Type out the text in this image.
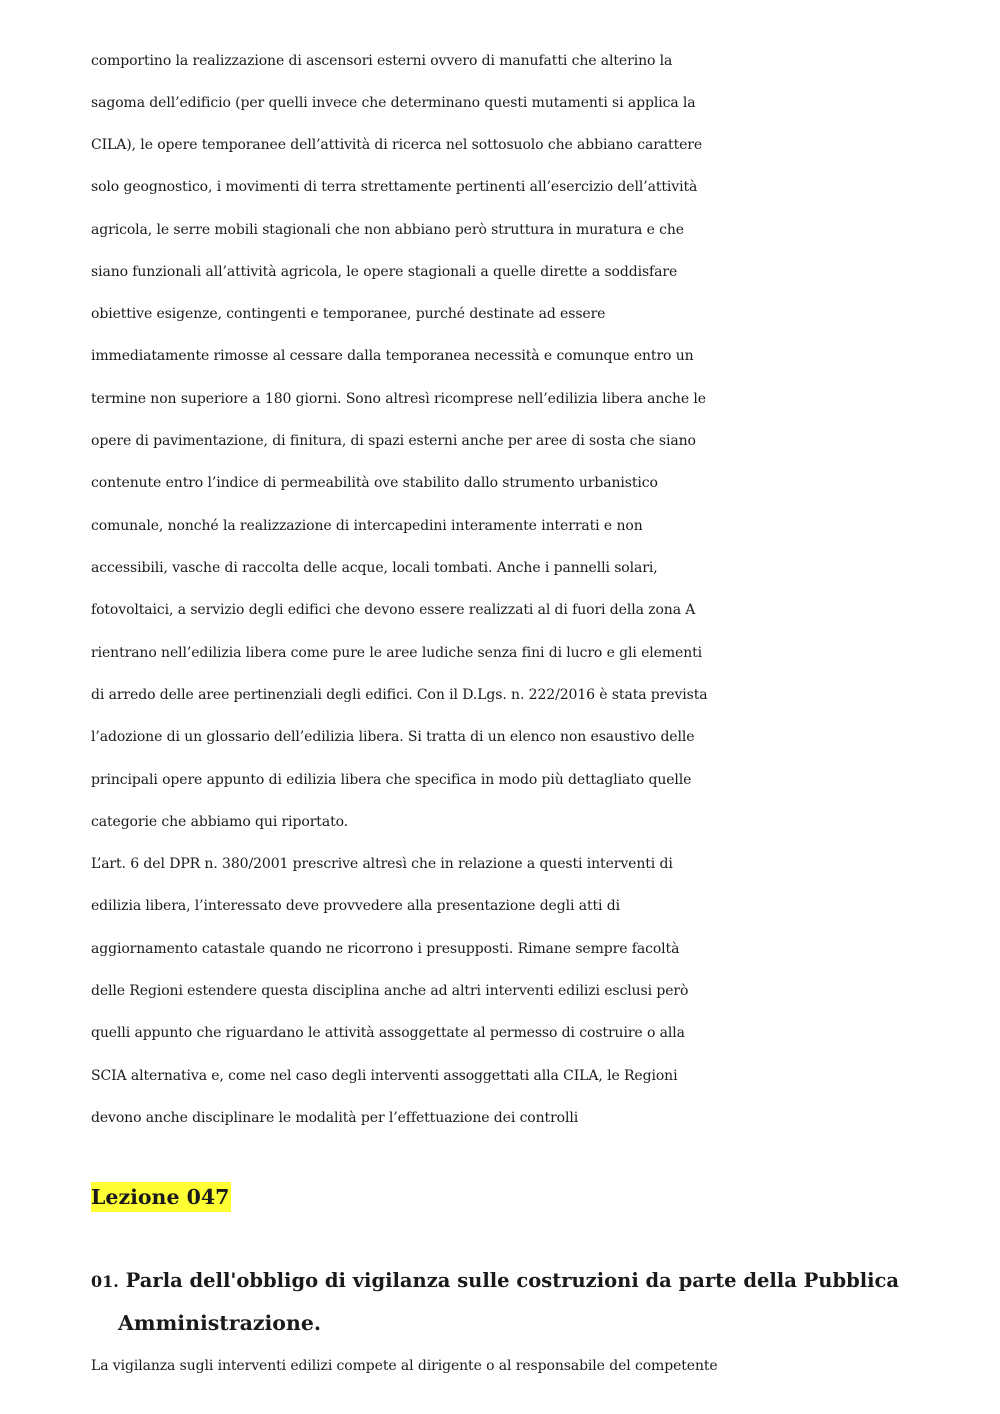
comportino la realizzazione di ascensori esterni ovvero di manufatti che alterino la
sagoma dell’edificio (per quelli invece che determinano questi mutamenti si applica la
CILA), le opere temporanee dell’attività di ricerca nel sottosuolo che abbiano carattere
solo geognostico, i movimenti di terra strettamente pertinenti all’esercizio dell’attività
agricola, le serre mobili stagionali che non abbiano però struttura in muratura e che
siano funzionali all’attività agricola, le opere stagionali a quelle dirette a soddisfare
obiettive esigenze, contingenti e temporanee, purché destinate ad essere
immediatamente rimosse al cessare dalla temporanea necessità e comunque entro un
termine non superiore a 180 giorni. Sono altresì ricomprese nell’edilizia libera anche le
opere di pavimentazione, di finitura, di spazi esterni anche per aree di sosta che siano
contenute entro l’indice di permeabilità ove stabilito dallo strumento urbanistico
comunale, nonché la realizzazione di intercapedini interamente interrati e non
accessibili, vasche di raccolta delle acque, locali tombati. Anche i pannelli solari,
fotovoltaici, a servizio degli edifici che devono essere realizzati al di fuori della zona A
rientrano nell’edilizia libera come pure le aree ludiche senza fini di lucro e gli elementi
di arredo delle aree pertinenziali degli edifici. Con il D.Lgs. n. 222/2016 è stata prevista
l’adozione di un glossario dell’edilizia libera. Si tratta di un elenco non esaustivo delle
principali opere appunto di edilizia libera che specifica in modo più dettagliato quelle
categorie che abbiamo qui riportato.
L’art. 6 del DPR n. 380/2001 prescrive altresì che in relazione a questi interventi di
edilizia libera, l’interessato deve provvedere alla presentazione degli atti di
aggiornamento catastale quando ne ricorrono i presupposti. Rimane sempre facoltà
delle Regioni estendere questa disciplina anche ad altri interventi edilizi esclusi però
quelli appunto che riguardano le attività assoggettate al permesso di costruire o alla
SCIA alternativa e, come nel caso degli interventi assoggettati alla CILA, le Regioni
devono anche disciplinare le modalità per l’effettuazione dei controlli
Lezione 047
01. Parla dell'obbligo di vigilanza sulle costruzioni da parte della Pubblica
Amministrazione.
La vigilanza sugli interventi edilizi compete al dirigente o al responsabile del competente
